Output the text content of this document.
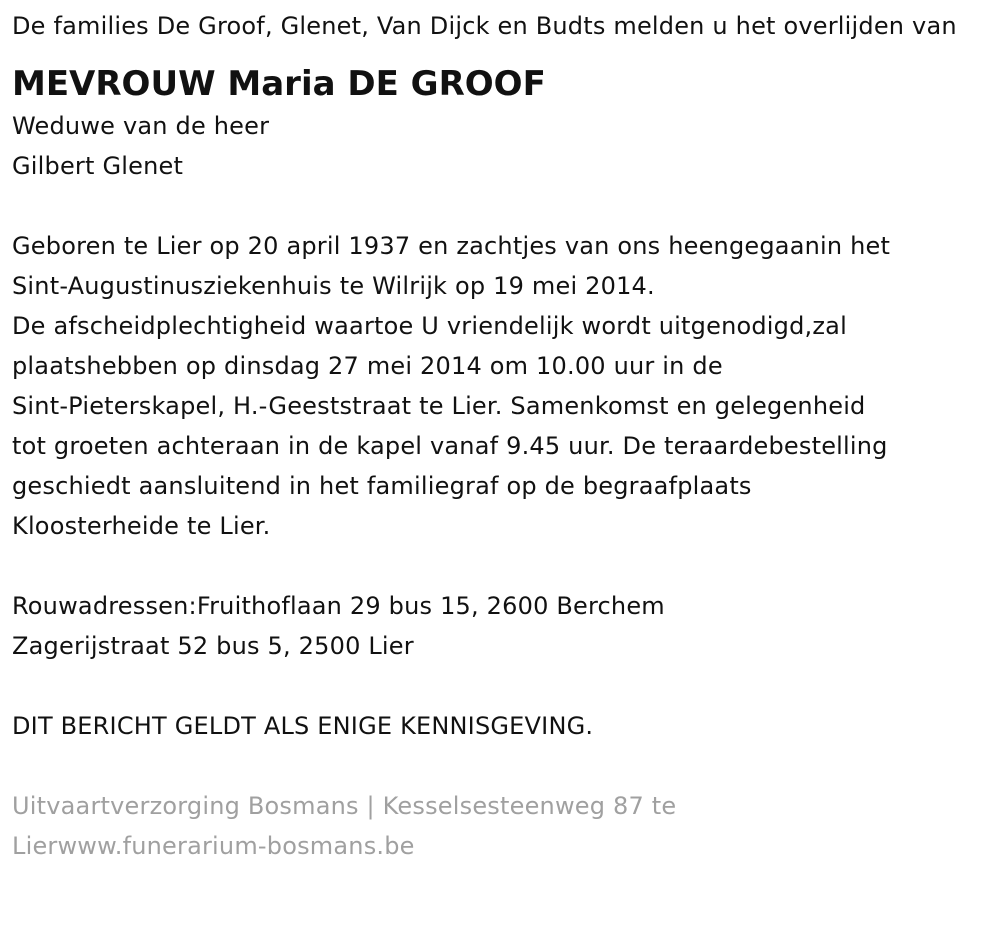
De families De Groof, Glenet, Van Dijck en Budts melden u het overlijden van
MEVROUW Maria DE GROOF
Weduwe van de heer
Gilbert Glenet
Geboren te Lier op 20 april 1937 en zachtjes van ons heengegaanin het
Sint-Augustinusziekenhuis te Wilrijk op 19 mei 2014.
De afscheidplechtigheid waartoe U vriendelijk wordt uitgenodigd,zal
plaatshebben op dinsdag 27 mei 2014 om 10.00 uur in de
Sint-Pieterskapel, H.-Geeststraat te Lier. Samenkomst en gelegenheid
tot groeten achteraan in de kapel vanaf 9.45 uur. De teraardebestelling
geschiedt aansluitend in het familiegraf op de begraafplaats
Kloosterheide te Lier.
Rouwadressen:Fruithoflaan 29 bus 15, 2600 Berchem
Zagerijstraat 52 bus 5, 2500 Lier
DIT BERICHT GELDT ALS ENIGE KENNISGEVING.
Uitvaartverzorging Bosmans | Kesselsesteenweg 87 te
Lierwww.funerarium-bosmans.be
